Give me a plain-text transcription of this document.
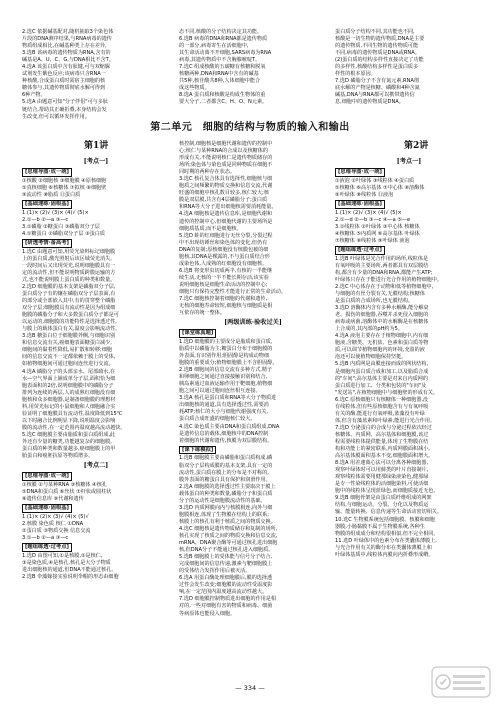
2.选C 依据碱基配对,随机抽取3个染色体

片段的DNA测序结果,与RNA病毒的遗传

物质组成相比,在碱基种类上存在差异,

3.选B 该病毒的遗传物质为RNA,含有的

碱基是A、U、C、G,与DNA相比不含T。

4.选A 该蛋白质中含有肽键,可与双缩脲

试剂发生紫色反应;该病毒只含RNA一

种核酸,合成蛋白质时需宿主细胞的核

糖体参与,其遗传物质彻底水解可得到

6种产物。

5.选A 由题意可知"分子伴侣"可与多肽

链结合,帮助其正确折叠,本身结构会发

生改变,但可以循环发挥作用。

态不同,核酸的分子结构决定其功能。

6.选B 病毒的DNA和RNA都是遗传物质

的一部分,病毒寄生在活细胞中,

其生命活动离不开细胞,SARS病毒为RNA

病毒,其遗传物质中不含胸腺嘧啶T。

7.选C 组成核酸的五碳糖有核糖和脱氧

核糖两种,DNA和RNA中含有的碱基

共5种,核苷酸共8种,人体细胞中能合

成这些物质。

8.选A 蛋白质和核酸是构成生物体的重

要大分子,二者都含C、H、O、N元素。

蛋白质分子结构不同,其功能也不同,

核酸是一切生物的遗传物质,DNA是主要

的遗传物质,不同生物的遗传物质可能

不同,病毒的遗传物质是DNA或RNA。

(2)蛋白质的结构多样性直接决定了功能

的多样性,核酸结构多样性是蛋白质多

样性的根本原因。

7.选D 磷脂分子不含有氮元素,RNA彻

底水解的产物是核糖、磷酸和4种含氮

碱基,DNA与RNA都可以携带遗传信

息,细胞中的遗传物质是DNA。

第二单元　细胞的结构与物质的输入和输出
第1讲	第2讲
[考点一]
[思维导图·成一统]

①核酸 ②细胞核 ③细胞膜 ④原核细胞

⑤真核细胞 ⑥核糖体 ⑦拟核 ⑧细胞壁

⑨流动性 ⑩脂质 ⑪蛋白质

[基础速练·固根基]

1.(1)× (2)√ (3)× (4)√ (5)×

2.①—b ②—a ③—c

3.①磷脂 ②糖蛋白 ③磷脂双分子层

4.①糖蛋白 ②磷脂双分子层 ③蛋白质

[研透考情·备高考]

1.选C 由题意可知,用荧光染料标记细胞膜

上的蛋白质,激光照射后该区域荧光消失,

一段时间后又出现荧光,说明细胞膜具有一

定的流动性,但不能说明物质跨膜运输的方

式,也不能说明膜上蛋白质的种类和数量。

2.选D 细胞膜的基本支架是磷脂双分子层,

蛋白质分子有的镶在磷脂双分子层表面,有

的部分或全部嵌入其中,有的贯穿整个磷脂

双分子层;细胞膜具有流动性是因为组成细

胞膜的磷脂分子和大多数蛋白质分子都是可

以运动的,细胞膜的功能特性是选择透过性,

与膜上的载体蛋白有关,温度会影响流动性。

3.选B 糖蛋白位于细胞膜外侧,与细胞识别

和信息交流有关,癌细胞表面糖蛋白减少,

细胞间的黏着性降低,易扩散和转移;细胞

间的信息交流不一定都依赖于膜上的受体,

如植物细胞间可通过胞间连丝进行交流。

4.选A 磷脂分子的头部亲水、尾部疏水,在

水—空气界面上铺成单分子层,面积恰为细

胞表面积的2倍,说明细胞膜中的磷脂分子

排列为连续的两层,人的成熟红细胞没有细

胞核和众多细胞器,是制备细胞膜的理想材

料,用荧光标记的小鼠细胞和人细胞融合实

验证明了细胞膜具有流动性,温度降低到15℃

以下时融合比例明显下降,说明温度会影响

膜的流动性,在一定范围内温度越高流动越快。

5.选C 细胞膜主要由脂质和蛋白质组成,此

外还有少量的糖类,功能越复杂的细胞膜,

蛋白质的种类和数量越多,癌细胞膜上的甲

胎蛋白和癌胚抗原等物质增多。

[考点二]
[思维导图·成一统]

①核膜 ②与某种RNA ③核糖体 ④核孔

⑤DNA和蛋白质 ⑥丝状 ⑦杆状或圆柱状

⑧遗传信息库 ⑨代谢和遗传

[基础速练·固根基]

1.(1)× (2)× (3)√ (4)× (5)√

2.核膜 染色质 核仁 ①DNA

②蛋白质 ③物质交换 信息交流

3.①—b ②—a ③—c

[题组练透·过考点]

1.选D 由图可知,①是核膜,②是核仁,

③是染色质,④是核孔,核孔是大分子物质

进出细胞核的通道,但DNA不能通过核孔。

2.选B 伞藻嫁接实验说明伞帽的形态由细胞

核控制,细胞核是细胞代谢和遗传的控制中

心;核仁与某种RNA的合成以及核糖体的

形成有关,不能说明核仁是遗传物质储存的

场所;染色体与染色质是同种物质在细胞不

同时期的两种存在状态。

3.选C 核孔复合体具有选择性,细胞核与细

胞质之间频繁的物质交换和信息交流,代谢

旺盛的细胞中核孔数目较多,核仁较大;核

膜是双层膜,共含有4层磷脂分子;蛋白质

和RNA等大分子进出细胞核需要消耗能量。

4.选A 细胞核是遗传信息库,是细胞代谢和

遗传的控制中心,但细胞代谢的主要场所是

细胞质基质,而不是细胞核。

5.选D 蛙的红细胞进行无丝分裂,分裂过程

中不出现纺锤丝和染色体的变化,但仍有

DNA的复制;原核细胞没有核膜包被的细

胞核,其DNA是裸露的,不与蛋白质结合形

成染色体,人成熟的红细胞没有细胞核。

6.选B 将变形虫切成两半,有核的一半能继

续生活,无核的一半不能长期存活,该实验

说明细胞核是细胞生命活动的控制中心;

细胞只有保持完整性才能进行正常的生命活动。

7.选C 细胞核控制着细胞的代谢和遗传,

无核的细胞寿命较短,细胞核与细胞质是相

互依存的统一整体。

[两级训练·验收过关]
[课堂练真题]

1.选D 细胞膜的主要成分是脂质和蛋白质,

脂质中以磷脂为主;糖蛋白分布于细胞膜的

外表面,有识别作用;胆固醇是构成动物细

胞膜的重要成分;植物细胞膜上不含胆固醇。

2.选B 细胞间的信息交流有多种方式,精子

和卵细胞之间通过直接接触识别和结合,

胰岛素通过血液运输作用于靶细胞,植物细

胞之间可以通过胞间连丝相互连接。

3.选A 核孔是蛋白质和RNA等大分子物质进

出细胞核的通道,具有选择透过性,需要消

耗ATP;核仁的大小与细胞代谢强度有关,

蛋白质合成旺盛的细胞核仁较大。

4.选C 染色质主要由DNA和蛋白质组成,DNA

是遗传信息的载体,细胞核中的DNA控制

着细胞的代谢和遗传,核膜为双层膜结构。

[课下练模拟]

1.选B 细胞膜主要由磷脂和蛋白质构成,磷

脂双分子层构成膜的基本支架,具有一定的

流动性,蛋白质在膜上的分布是不对称的,

膜外表面的糖蛋白具有保护和润滑作用。

2.选A 细胞膜的选择透过性主要取决于膜上

载体蛋白的种类和数量,磷脂分子和蛋白质

分子的运动性是细胞膜流动性的基础。

3.选D 内质网膜向内与核膜相连,向外与细

胞膜相连,体现了生物膜在结构上的联系;

核膜上的核孔有利于核质之间的物质交换。

4.选C 细胞核是遗传物质储存和复制的场所,

核孔实现了核质之间的物质交换和信息交流,

mRNA、DNA聚合酶等可通过核孔进出细胞

核,但DNA分子不能通过核孔进入细胞质。

5.选B 细胞膜上的受体能与信号分子结合,

完成细胞间的信息传递,激素与靶细胞膜上

的受体结合发挥作用后被灭活。

6.选A 用蛋白酶处理细胞膜后,膜的选择透

过性会发生改变;细胞膜的流动性受温度影

响,在一定范围内温度越高流动性越大。

7.选D 细胞膜控制物质进出细胞的作用是相

对的,一些对细胞有害的物质和病毒、细菌

等病原体也能侵入细胞。

[考点一]
[思维导图·成一统]

①液泡 ②叶绿体 ③线粒体 ④蛋白质

⑤核糖体 ⑥高尔基体 ⑦中心体 ⑧溶酶体

⑨叶绿体 ⑩线粒体 ⑪液泡

[基础速练·固根基]

1.(1)× (2)√ (3)× (4)√ (5)×

2.①—d ②—b ③—c ④—a ⑤—e

3.①线粒体 ②叶绿体 ③中心体 核糖体

④核糖体 ⑤内质网 ⑥高尔基体 叶绿体

⑦核糖体 ⑧线粒体 ⑨叶绿体 液泡

[题组练透·过考点]

1.选B 叶绿体是光合作用的场所,线粒体是

有氧呼吸的主要场所,两者都具有双层膜结

构,都含有少量的DNA和RNA,都能产生ATP;

叶绿体只存在于能进行光合作用的植物细胞中。

2.选C 中心体存在于动物和低等植物细胞中,

与细胞的有丝分裂有关,无膜结构;核糖体

是蛋白质的合成场所,也无膜结构。

3.选D 溶酶体内含有多种水解酶,能分解衰

老、损伤的细胞器,吞噬并杀死侵入细胞的

病毒或病菌,溶酶体中的水解酶是在核糖体

上合成的,其内部的pH约为5。

4.选A 液泡主要存在于植物细胞中,内有细

胞液,含糖类、无机盐、色素和蛋白质等物

质,可以调节植物细胞内的环境,充盈的液

泡还可以使植物细胞保持坚挺。

5.选B 内质网是由膜连接而成的网状结构,

是细胞内蛋白质合成和加工,以及脂质合成

的"车间";高尔基体主要是对来自内质网的

蛋白质进行加工、分类和包装的"车间"及

"发送站",在植物细胞中与细胞壁的形成有关。

6.选C 原核细胞只有核糖体一种细胞器,没

有线粒体,但有些原核细胞含有与有氧呼吸

有关的酶,能进行有氧呼吸,蓝藻没有叶绿

体,但含有藻蓝素和叶绿素,能进行光合作用。

7.选D 分泌蛋白的合成与分泌过程依次经过

核糖体、内质网、高尔基体和细胞膜,该过

程需要线粒体提供能量,体现了生物膜在结

构和功能上的紧密联系,内质网膜面积减小,

高尔基体膜面积基本不变,细胞膜面积增大。

8.选A 用差速离心法可以分离各种细胞器,

观察叶绿体时可以用藓类的叶片直接制片,

观察线粒体需要用健那绿染液染色,健那绿

是专一性染线粒体的活细胞染料,可使活细

胞中的线粒体呈现蓝绿色,而细胞质接近无色。

9.选B 细胞骨架是由蛋白质纤维组成的网架

结构,与细胞运动、分裂、分化以及物质运

输、能量转换、信息传递等生命活动密切相关。

10.选C 生物膜系统包括细胞膜、核膜和细胞

器膜,小肠黏膜不属于生物膜系统,各种生

物膜的组成成分和结构很相似,但不完全相同。

11.选D 叶绿体中的色素分布在类囊体薄膜上,

与光合作用有关的酶分布在类囊体薄膜上和

叶绿体基质中,线粒体内膜向内折叠形成嵴。

— 334 —
